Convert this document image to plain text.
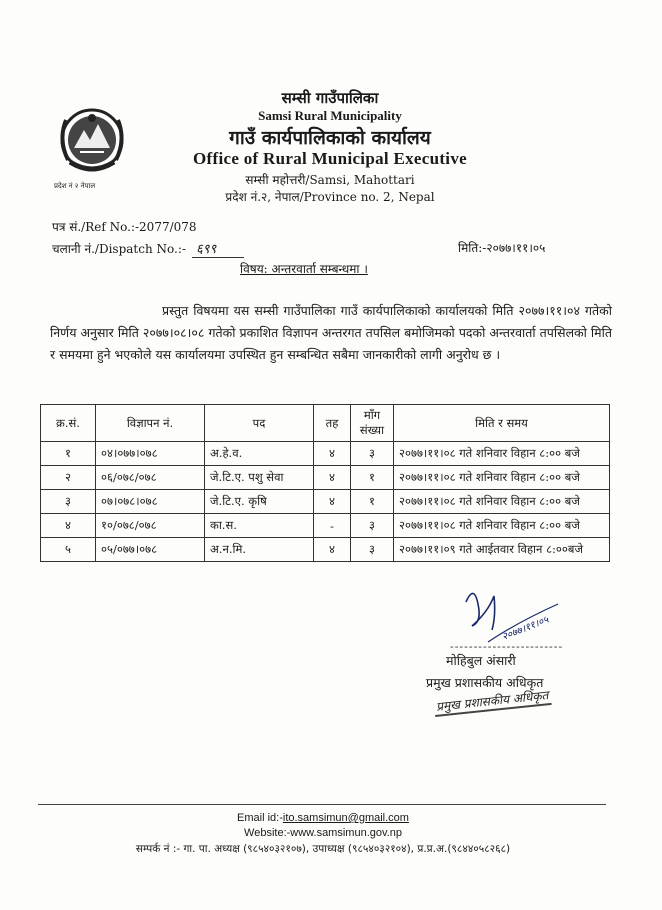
प्रदेश नं २ नेपाल
सम्सी गाउँपालिका
Samsi Rural Municipality
गाउँ कार्यपालिकाको कार्यालय
Office of Rural Municipal Executive
सम्सी महोत्तरी/Samsi, Mahottari
प्रदेश नं.२, नेपाल/Province no. 2, Nepal
पत्र सं./Ref No.:-2077/078
चलानी नं./Dispatch No.:- ६९९	मिति:-२०७७।११।०५
विषय: अन्तरवार्ता सम्बन्धमा ।

प्रस्तुत विषयमा यस सम्सी गाउँपालिका गाउँ कार्यपालिकाको कार्यालयको मिति २०७७।११।०४ गतेको निर्णय अनुसार मिति २०७७।०८।०८ गतेको प्रकाशित विज्ञापन अन्तरगत तपसिल बमोजिमको पदको अन्तरवार्ता तपसिलको मिति र समयमा हुने भएकोले यस कार्यालयमा उपस्थित हुन सम्बन्धित सबैमा जानकारीको लागी अनुरोध छ ।

क्र.सं.	विज्ञापन नं.	पद	तह	माँग संख्या	मिति र समय
१	०४।०७७।०७८	अ.हे.व.	४	३	२०७७।११।०८ गते शनिवार विहान ८:०० बजे
२	०६/०७८/०७८	जे.टि.ए. पशु सेवा	४	१	२०७७।११।०८ गते शनिवार विहान ८:०० बजे
३	०७।०७८।०७८	जे.टि.ए. कृषि	४	१	२०७७।११।०८ गते शनिवार विहान ८:०० बजे
४	१०/०७८/०७८	का.स.	-	३	२०७७।११।०८ गते शनिवार विहान ८:०० बजे
५	०५/०७७।०७८	अ.न.मि.	४	३	२०७७।११।०९ गते आईतवार विहान ८:००बजे
२०७७।११।०५
------------------------
मोहिबुल अंसारी
प्रमुख प्रशासकीय अधिकृत
प्रमुख प्रशासकीय अधिकृत
Email id:-ito.samsimun@gmail.com
Website:-www.samsimun.gov.np
सम्पर्क नं :- गा. पा. अध्यक्ष (९८५४०३२१०७), उपाध्यक्ष (९८५४०३२१०४), प्र.प्र.अ.(९८४४०५८२६८)
